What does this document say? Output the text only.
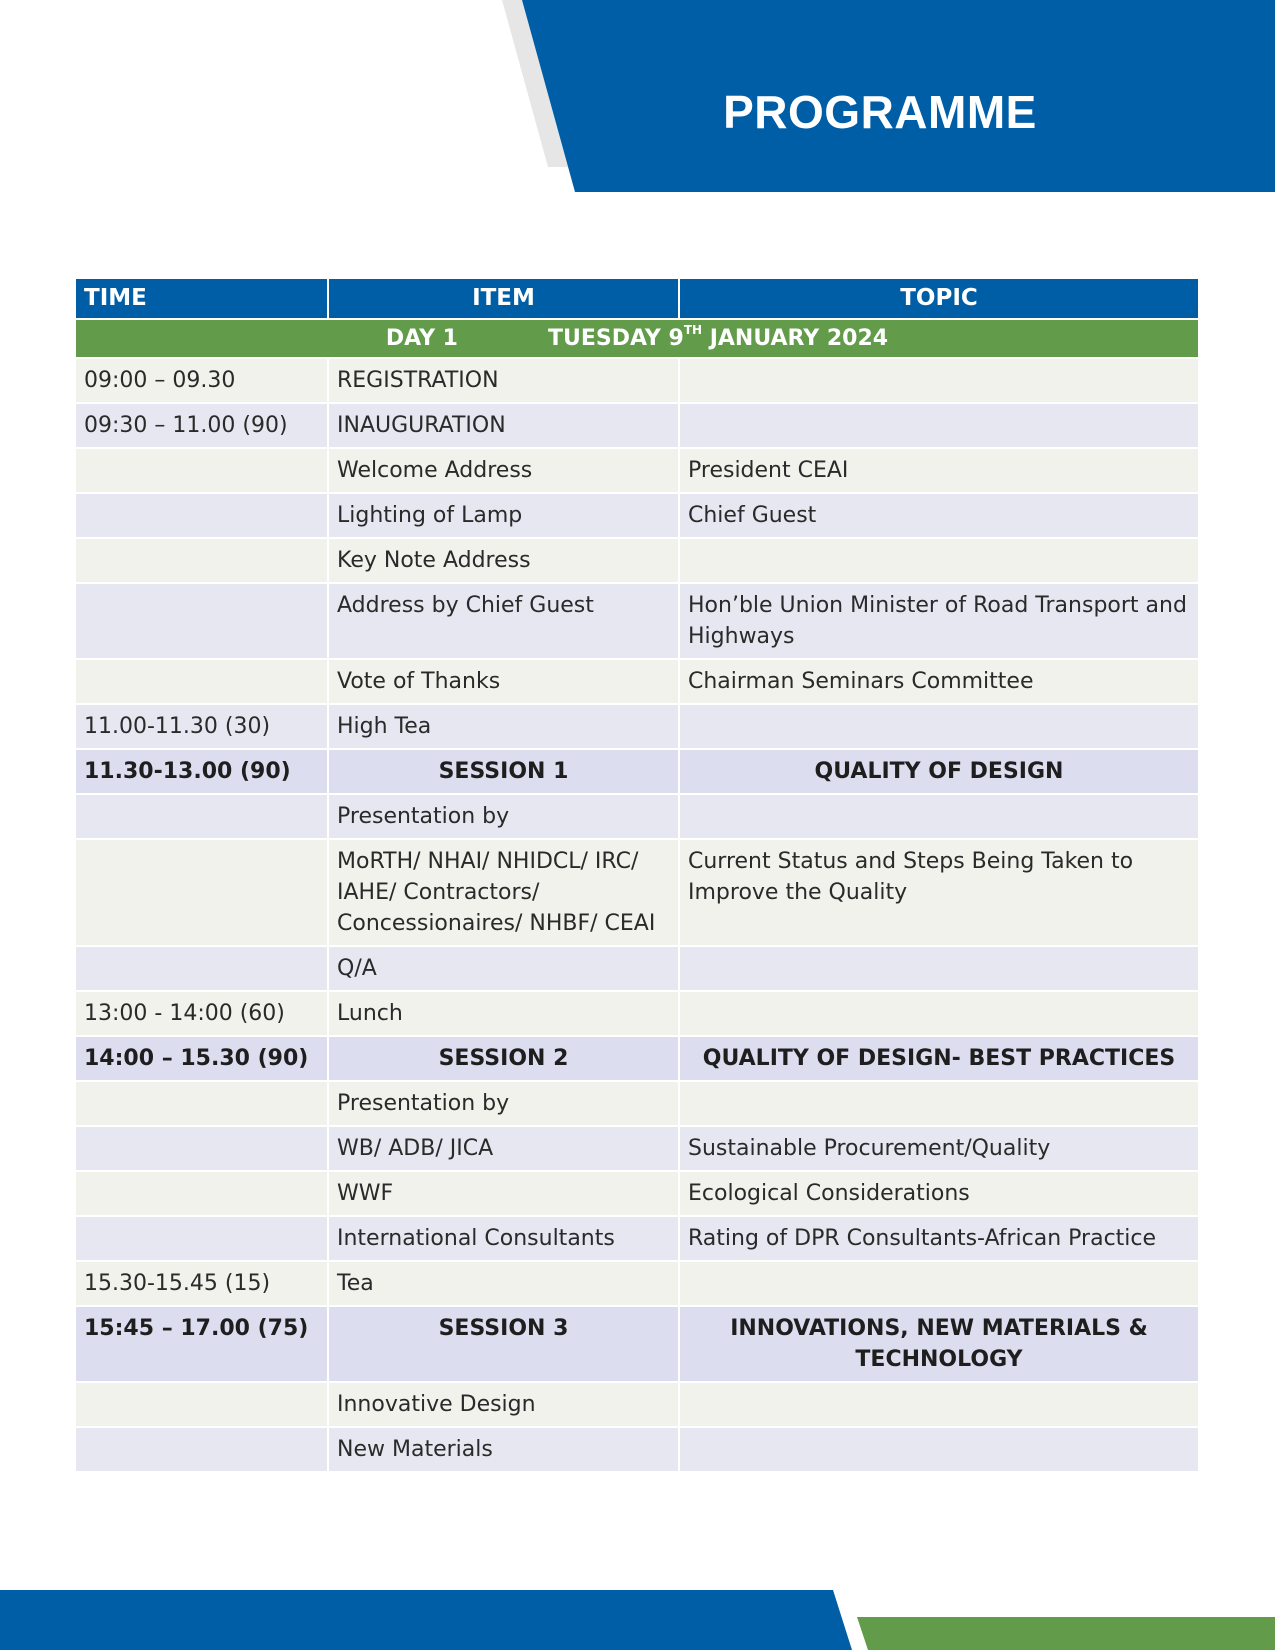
PROGRAMME
TIME	ITEM	TOPIC
DAY 1 TUESDAY 9TH JANUARY 2024		
09:00 – 09.30	REGISTRATION	
09:30 – 11.00 (90)	INAUGURATION	
	Welcome Address	President CEAI
	Lighting of Lamp	Chief Guest
	Key Note Address	
	Address by Chief Guest	Hon’ble Union Minister of Road Transport and Highways
	Vote of Thanks	Chairman Seminars Committee
11.00-11.30 (30)	High Tea	
11.30-13.00 (90)	SESSION 1	QUALITY OF DESIGN
	Presentation by	
	MoRTH/ NHAI/ NHIDCL/ IRC/ IAHE/ Contractors/ Concessionaires/ NHBF/ CEAI	Current Status and Steps Being Taken to Improve the Quality
	Q/A	
13:00 - 14:00 (60)	Lunch	
14:00 – 15.30 (90)	SESSION 2	QUALITY OF DESIGN- BEST PRACTICES
	Presentation by	
	WB/ ADB/ JICA	Sustainable Procurement/Quality
	WWF	Ecological Considerations
	International Consultants	Rating of DPR Consultants-African Practice
15.30-15.45 (15)	Tea	
15:45 – 17.00 (75)	SESSION 3	INNOVATIONS, NEW MATERIALS & TECHNOLOGY
	Innovative Design	
	New Materials	
